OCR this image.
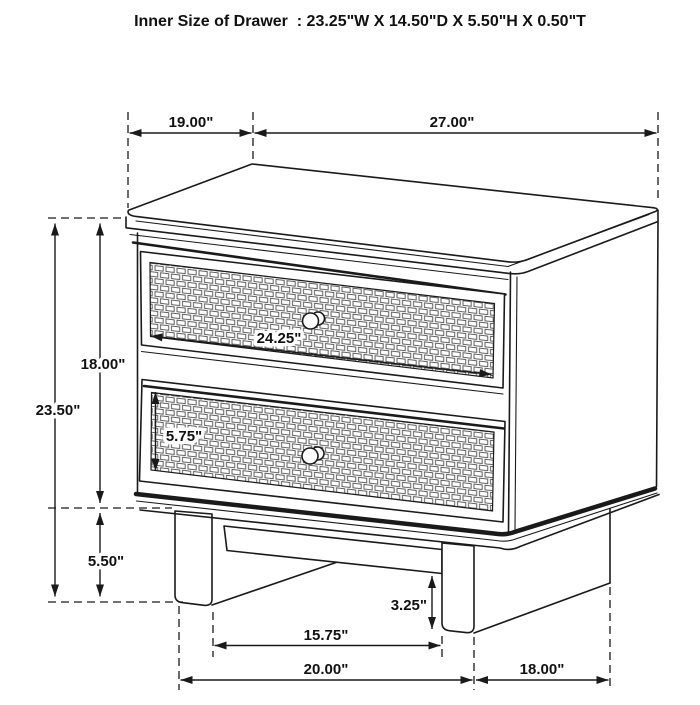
Inner Size of Drawer  : 23.25"W X 14.50"D X 5.50"H X 0.50"T
19.00"	27.00"
23.50"
18.00"
5.50"
24.25"
5.75"
3.25"
15.75"
20.00"	18.00"
